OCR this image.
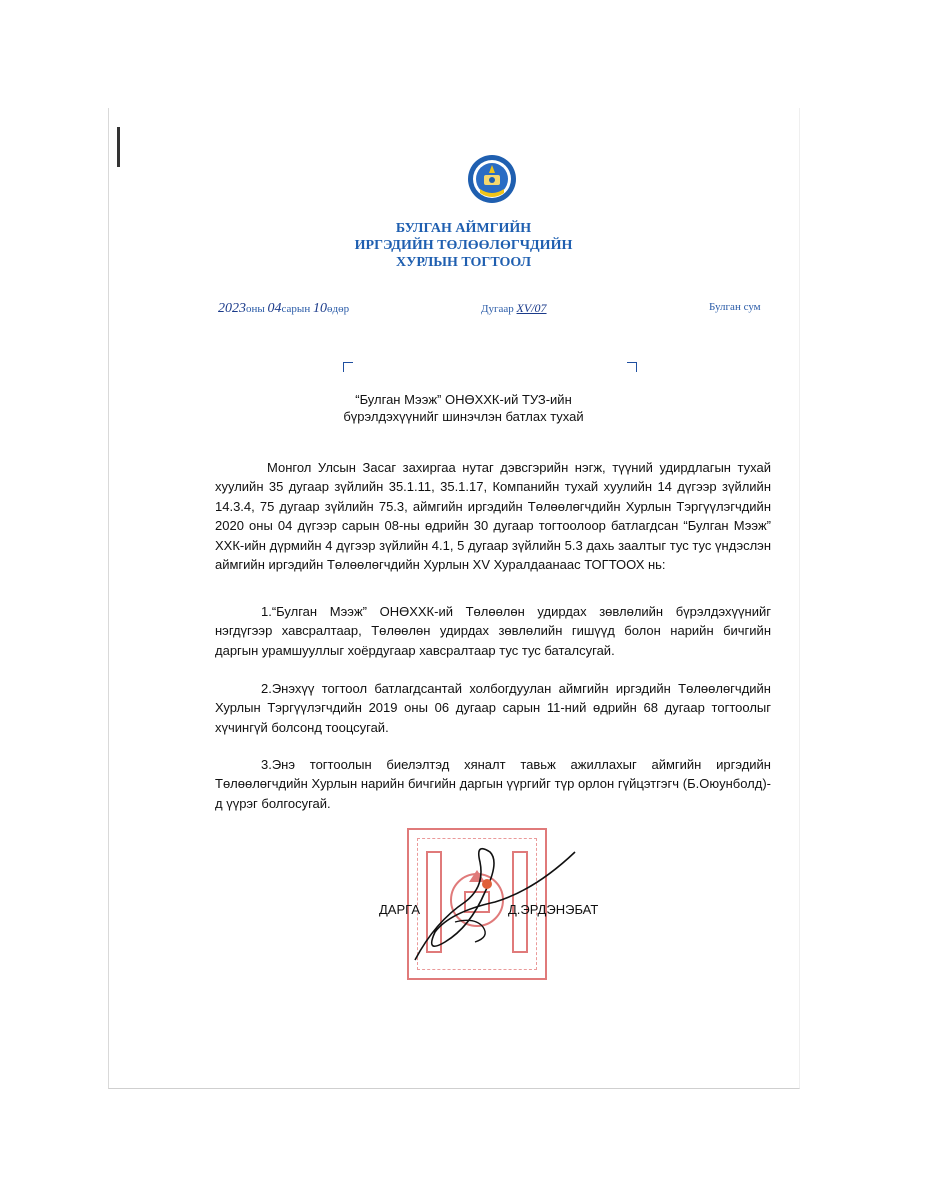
БУЛГАН АЙМГИЙН
ИРГЭДИЙН ТӨЛӨӨЛӨГЧДИЙН
ХУРЛЫН ТОГТООЛ
2023оны 04сарын 10өдөр	Дугаар XV/07	Булган сум
“Булган Мээж” ОНӨХХК-ий ТУЗ-ийн
бүрэлдэхүүнийг шинэчлэн батлах тухай
Монгол Улсын Засаг захиргаа нутаг дэвсгэрийн нэгж, түүний удирдлагын тухай хуулийн 35 дугаар зүйлийн 35.1.11, 35.1.17, Компанийн тухай хуулийн 14 дүгээр зүйлийн 14.3.4, 75 дугаар зүйлийн 75.3, аймгийн иргэдийн Төлөөлөгчдийн Хурлын Тэргүүлэгчдийн 2020 оны 04 дүгээр сарын 08-ны өдрийн 30 дугаар тогтоолоор батлагдсан “Булган Мээж” ХХК-ийн дүрмийн 4 дүгээр зүйлийн 4.1, 5 дугаар зүйлийн 5.3 дахь заалтыг тус тус үндэслэн аймгийн иргэдийн Төлөөлөгчдийн Хурлын XV Хуралдаанаас ТОГТООХ нь:
1.“Булган Мээж” ОНӨХХК-ий Төлөөлөн удирдах зөвлөлийн бүрэлдэхүүнийг нэгдүгээр хавсралтаар, Төлөөлөн удирдах зөвлөлийн гишүүд болон нарийн бичгийн даргын урамшууллыг хоёрдугаар хавсралтаар тус тус баталсугай.
2.Энэхүү тогтоол батлагдсантай холбогдуулан аймгийн иргэдийн Төлөөлөгчдийн Хурлын Тэргүүлэгчдийн 2019 оны 06 дугаар сарын 11-ний өдрийн 68 дугаар тогтоолыг хүчингүй болсонд тооцсугай.
3.Энэ тогтоолын биелэлтэд хяналт тавьж ажиллахыг аймгийн иргэдийн Төлөөлөгчдийн Хурлын нарийн бичгийн даргын үүргийг түр орлон гүйцэтгэгч (Б.Оюунболд)-д үүрэг болгосугай.
ДАРГА	Д.ЭРДЭНЭБАТ
